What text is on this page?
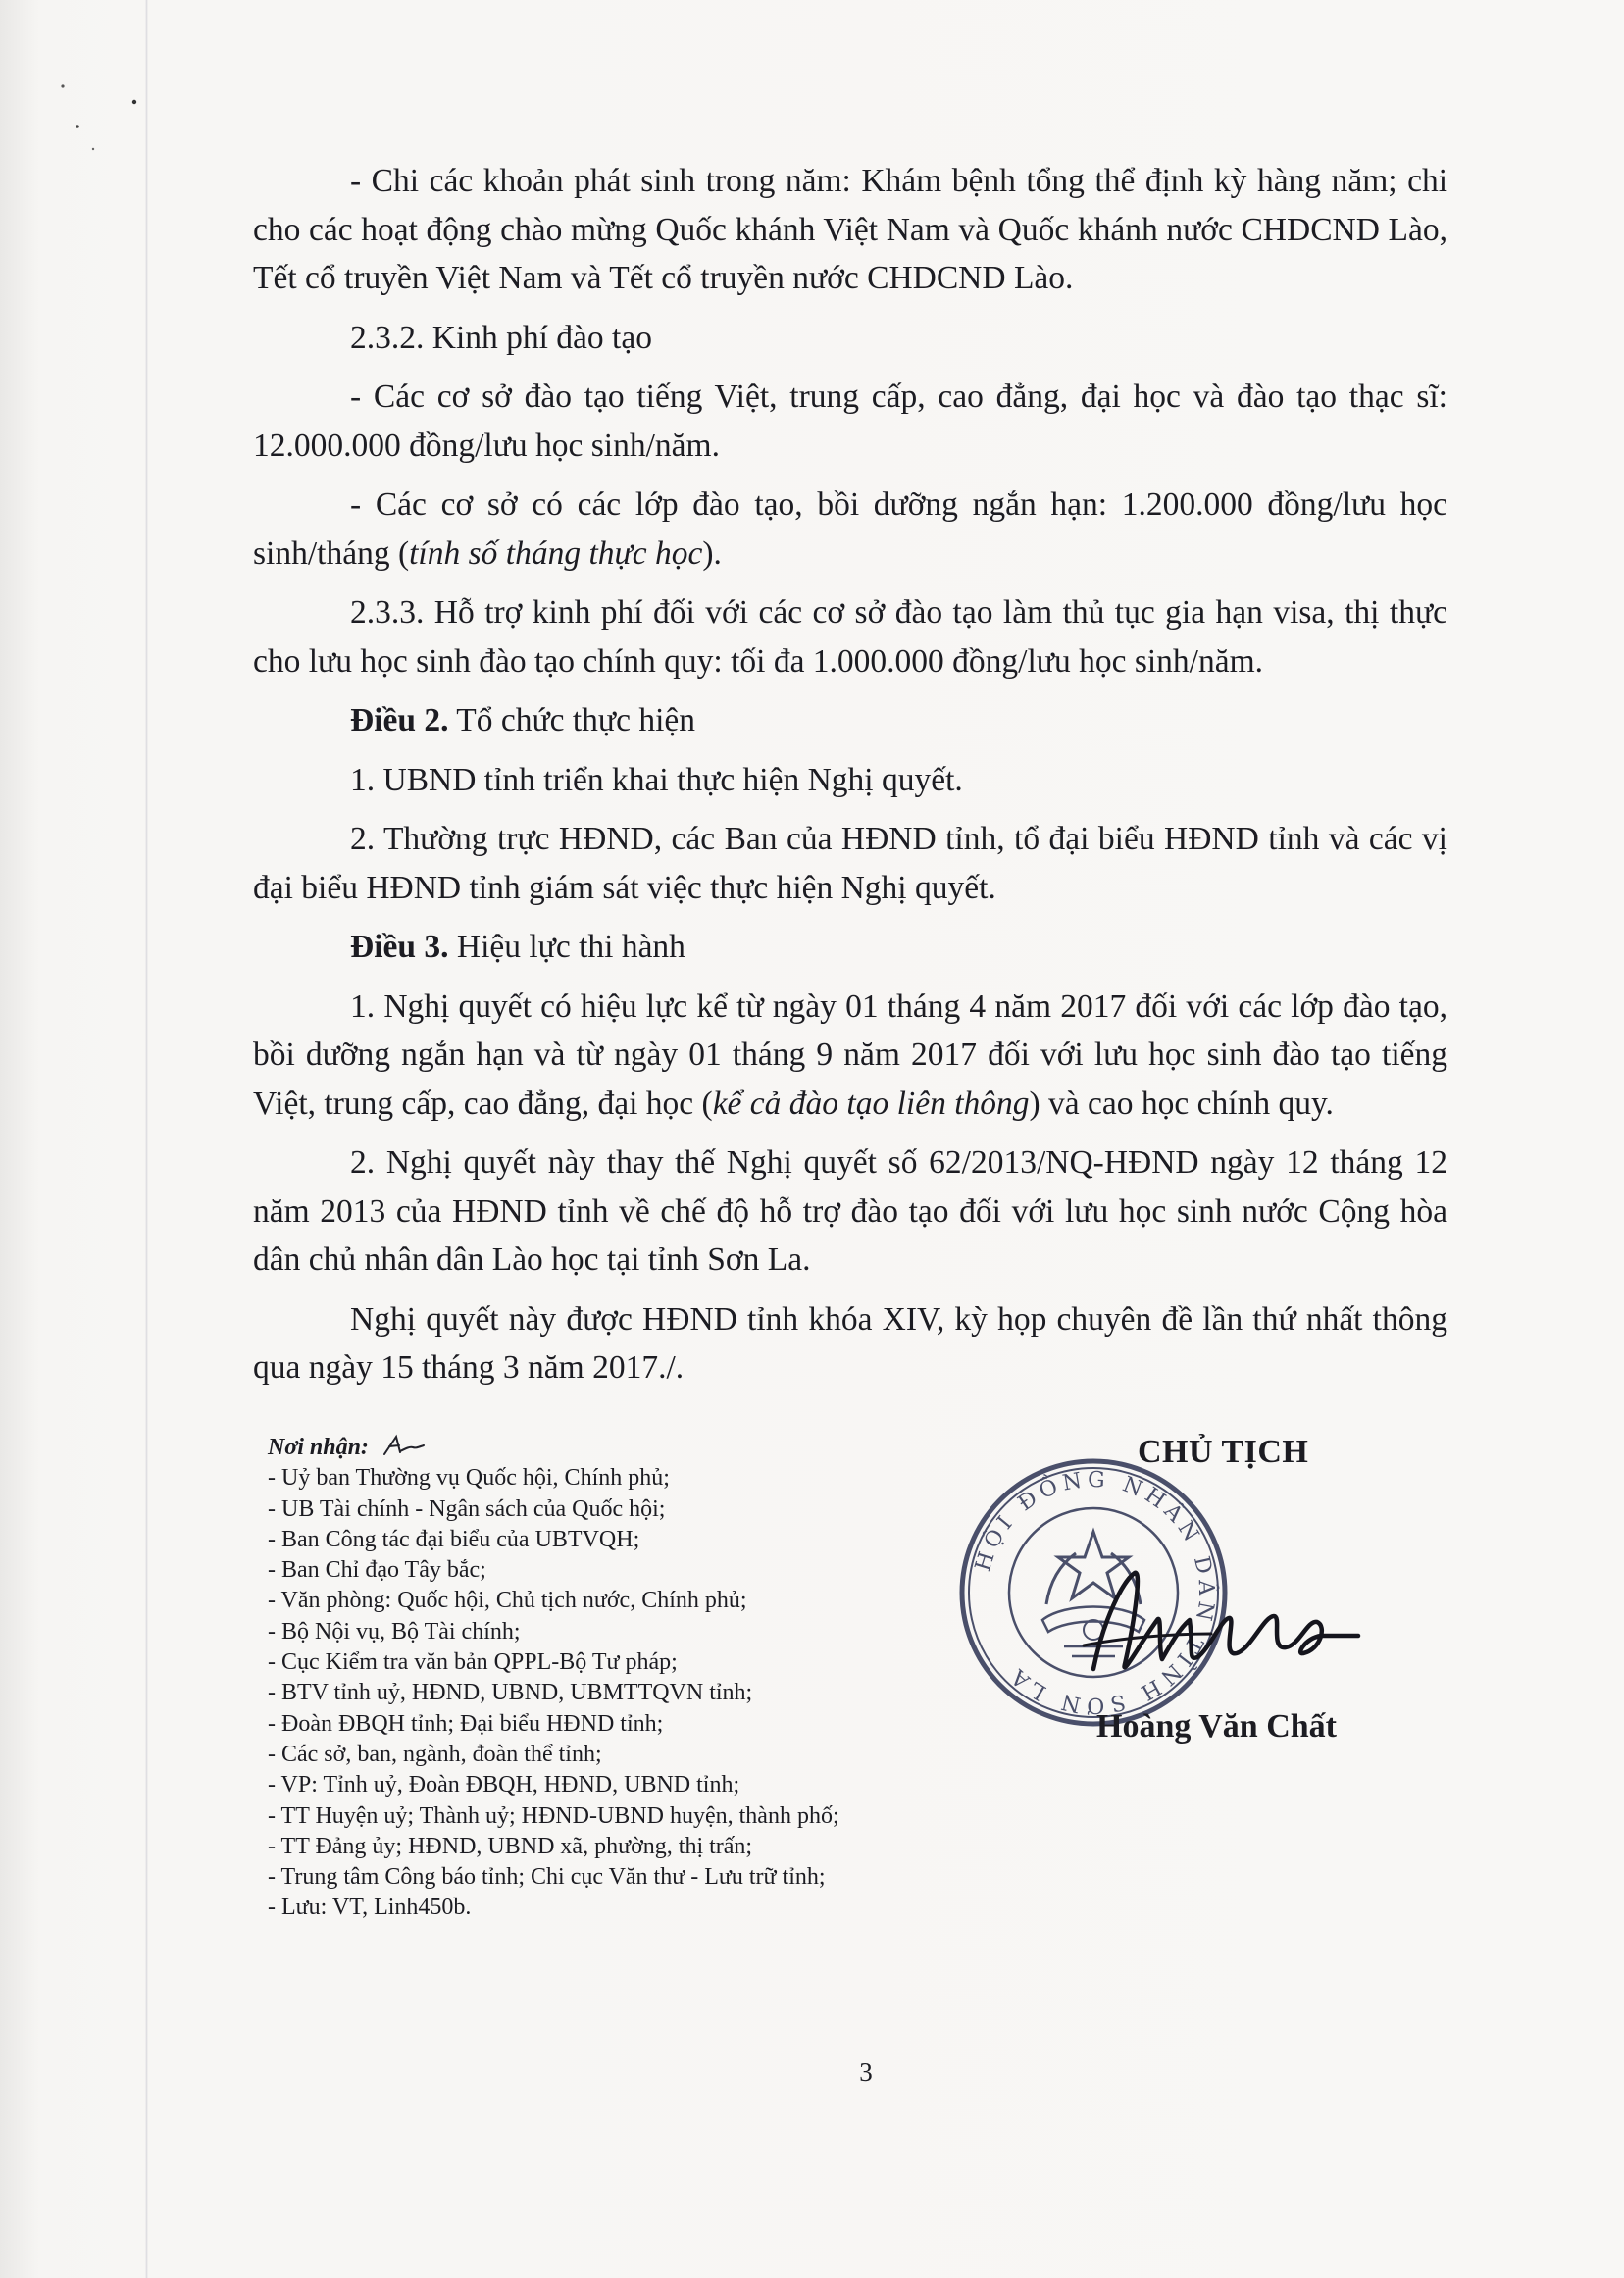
- Chi các khoản phát sinh trong năm: Khám bệnh tổng thể định kỳ hàng năm; chi cho các hoạt động chào mừng Quốc khánh Việt Nam và Quốc khánh nước CHDCND Lào, Tết cổ truyền Việt Nam và Tết cổ truyền nước CHDCND Lào.

2.3.2. Kinh phí đào tạo

- Các cơ sở đào tạo tiếng Việt, trung cấp, cao đẳng, đại học và đào tạo thạc sĩ: 12.000.000 đồng/lưu học sinh/năm.

- Các cơ sở có các lớp đào tạo, bồi dưỡng ngắn hạn: 1.200.000 đồng/lưu học sinh/tháng (tính số tháng thực học).

2.3.3. Hỗ trợ kinh phí đối với các cơ sở đào tạo làm thủ tục gia hạn visa, thị thực cho lưu học sinh đào tạo chính quy: tối đa 1.000.000 đồng/lưu học sinh/năm.

Điều 2. Tổ chức thực hiện

1. UBND tỉnh triển khai thực hiện Nghị quyết.

2. Thường trực HĐND, các Ban của HĐND tỉnh, tổ đại biểu HĐND tỉnh và các vị đại biểu HĐND tỉnh giám sát việc thực hiện Nghị quyết.

Điều 3. Hiệu lực thi hành

1. Nghị quyết có hiệu lực kể từ ngày 01 tháng 4 năm 2017 đối với các lớp đào tạo, bồi dưỡng ngắn hạn và từ ngày 01 tháng 9 năm 2017 đối với lưu học sinh đào tạo tiếng Việt, trung cấp, cao đẳng, đại học (kể cả đào tạo liên thông) và cao học chính quy.

2. Nghị quyết này thay thế Nghị quyết số 62/2013/NQ-HĐND ngày 12 tháng 12 năm 2013 của HĐND tỉnh về chế độ hỗ trợ đào tạo đối với lưu học sinh nước Cộng hòa dân chủ nhân dân Lào học tại tỉnh Sơn La.

Nghị quyết này được HĐND tỉnh khóa XIV, kỳ họp chuyên đề lần thứ nhất thông qua ngày 15 tháng 3 năm 2017./.

Nơi nhận:
- Uỷ ban Thường vụ Quốc hội, Chính phủ;
- UB Tài chính - Ngân sách của Quốc hội;
- Ban Công tác đại biểu của UBTVQH;
- Ban Chỉ đạo Tây bắc;
- Văn phòng: Quốc hội, Chủ tịch nước, Chính phủ;
- Bộ Nội vụ, Bộ Tài chính;
- Cục Kiểm tra văn bản QPPL-Bộ Tư pháp;
- BTV tỉnh uỷ, HĐND, UBND, UBMTTQVN tỉnh;
- Đoàn ĐBQH tỉnh; Đại biểu HĐND tỉnh;
- Các sở, ban, ngành, đoàn thể tỉnh;
- VP: Tỉnh uỷ, Đoàn ĐBQH, HĐND, UBND tỉnh;
- TT Huyện uỷ; Thành uỷ; HĐND-UBND huyện, thành phố;
- TT Đảng ủy; HĐND, UBND xã, phường, thị trấn;
- Trung tâm Công báo tỉnh; Chi cục Văn thư - Lưu trữ tỉnh;
- Lưu: VT, Linh450b.
HỘI ĐỒNG NHÂN DÂN TỈNH SƠN LA
CHỦ TỊCH
Hoàng Văn Chất
3
